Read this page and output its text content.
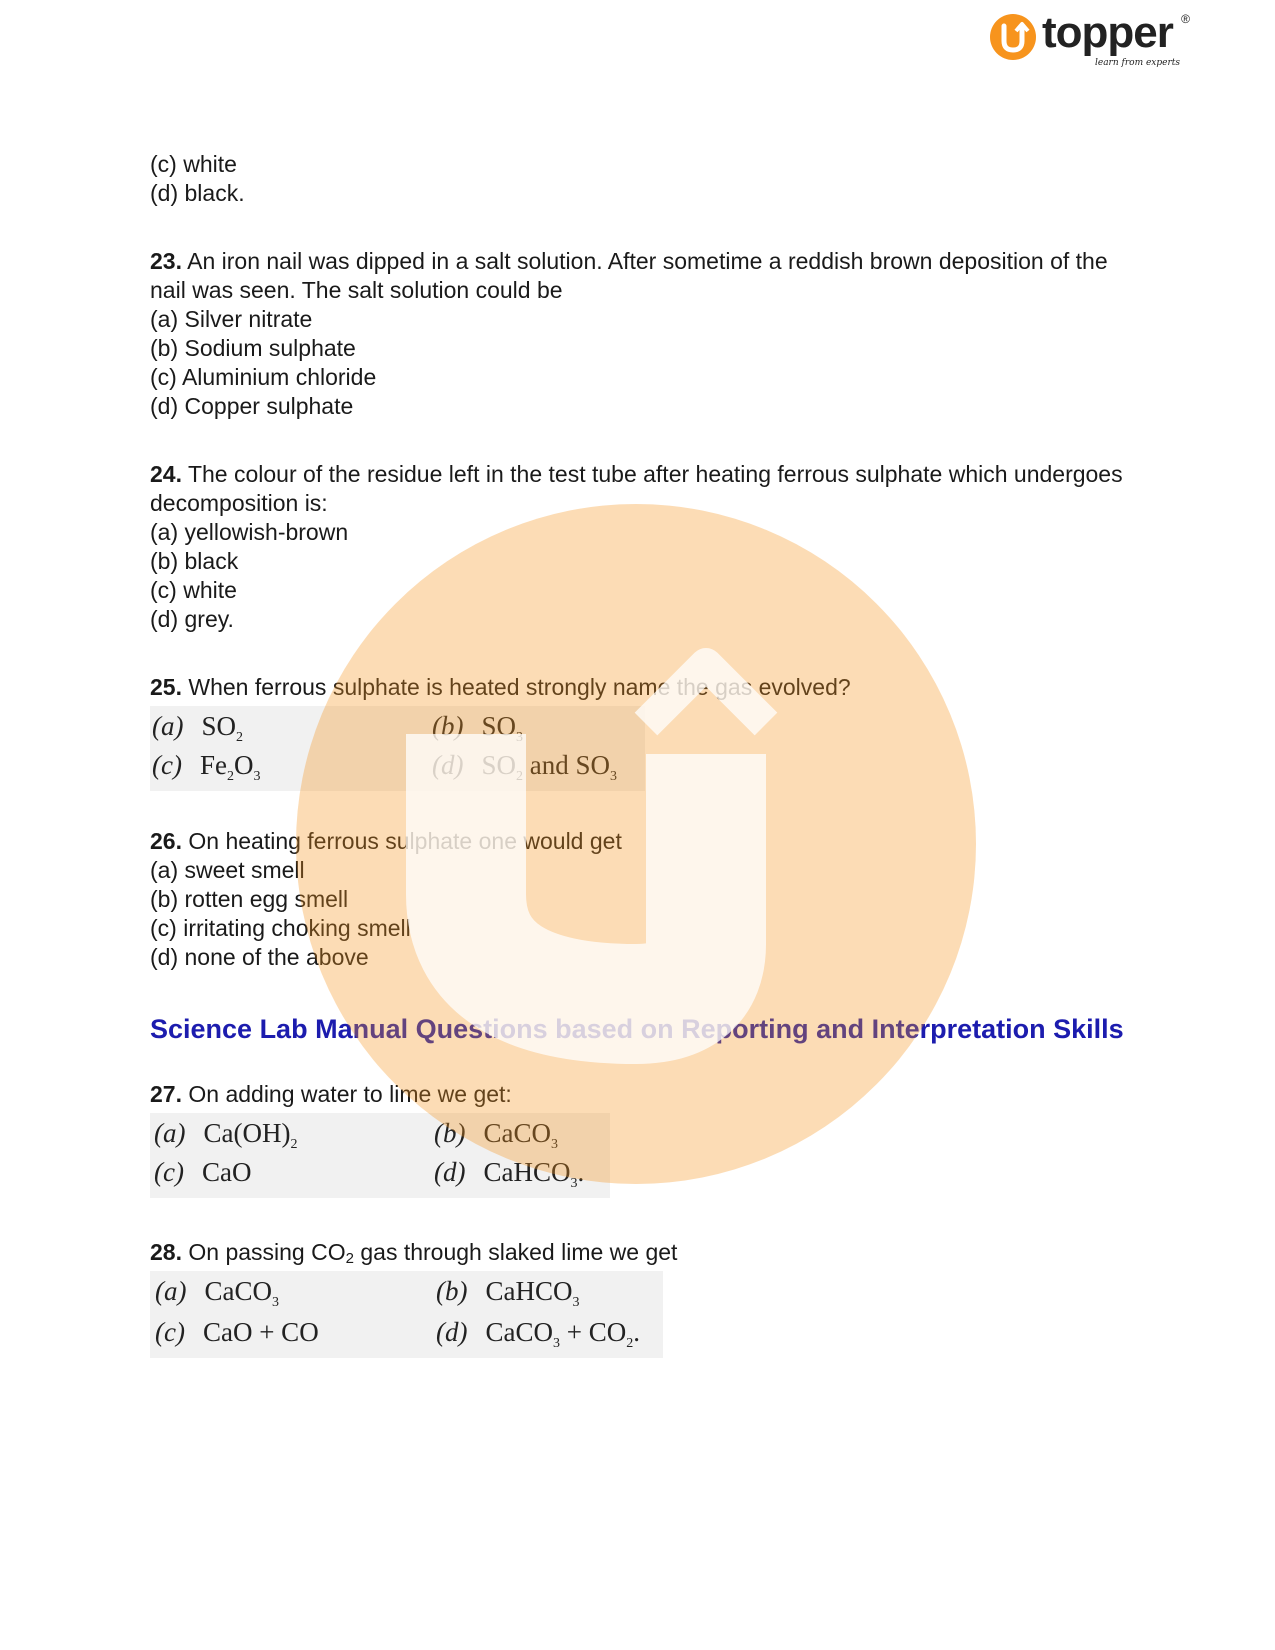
topper ®
learn from experts
(c) white
(d) black.
23. An iron nail was dipped in a salt solution. After sometime a reddish brown deposition of the nail was seen. The salt solution could be
(a) Silver nitrate
(b) Sodium sulphate
(c) Aluminium chloride
(d) Copper sulphate
24. The colour of the residue left in the test tube after heating ferrous sulphate which undergoes decomposition is:
(a) yellowish-brown
(b) black
(c) white
(d) grey.
25. When ferrous sulphate is heated strongly name the gas evolved?
(a) $SO_2$	(b) $SO_3$
(c) $Fe_2O_3$	(d) $SO_2$ and $SO_3$
26. On heating ferrous sulphate one would get
(a) sweet smell
(b) rotten egg smell
(c) irritating choking smell
(d) none of the above
Science Lab Manual Questions based on Reporting and Interpretation Skills
27. On adding water to lime we get:
(a) $Ca(OH)_2$	(b) CaCO$_3$
(c) CaO	(d) CaHCO$_3$.
28. On passing CO2 gas through slaked lime we get
(a) CaCO$_3$	(b) CaHCO$_3$
(c) CaO + CO	(d) CaCO$_3$ + $CO_2$.
